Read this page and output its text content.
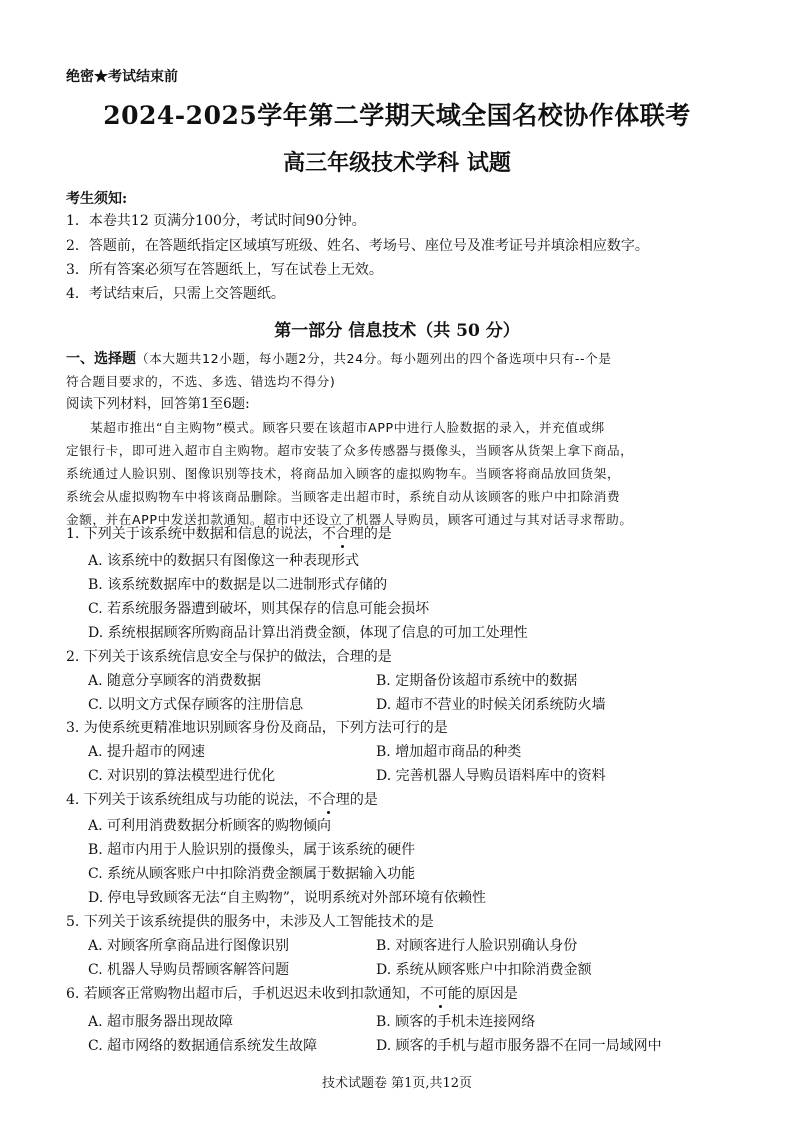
绝密★考试结束前
2024-2025学年第二学期天域全国名校协作体联考
高三年级技术学科 试题
考生须知:
1．本卷共12 页满分100分，考试时间90分钟。
2．答题前，在答题纸指定区域填写班级、姓名、考场号、座位号及准考证号并填涂相应数字。
3．所有答案必须写在答题纸上，写在试卷上无效。
4．考试结束后，只需上交答题纸。
第一部分 信息技术（共 50 分）
一、选择题（本大题共12小题，每小题2分，共24分。每小题列出的四个备选项中只有--个是
符合题目要求的，不选、多选、错选均不得分)
阅读下列材料，回答第1至6题:
某超市推出“自主购物”模式。顾客只要在该超市APP中进行人脸数据的录入，并充值或绑
定银行卡，即可进入超市自主购物。超市安装了众多传感器与摄像头，当顾客从货架上拿下商品，
系统通过人脸识别、图像识别等技术，将商品加入顾客的虚拟购物车。当顾客将商品放回货架，
系统会从虚拟购物车中将该商品删除。当顾客走出超市时，系统自动从该顾客的账户中扣除消费
金额，并在APP中发送扣款通知。超市中还设立了机器人导购员，顾客可通过与其对话寻求帮助。
1. 下列关于该系统中数据和信息的说法，不合理的是
A. 该系统中的数据只有图像这一种表现形式
B. 该系统数据库中的数据是以二进制形式存储的
C. 若系统服务器遭到破坏，则其保存的信息可能会损坏
D. 系统根据顾客所购商品计算出消费金额，体现了信息的可加工处理性
2. 下列关于该系统信息安全与保护的做法，合理的是
A. 随意分享顾客的消费数据	B. 定期备份该超市系统中的数据
C. 以明文方式保存顾客的注册信息	D. 超市不营业的时候关闭系统防火墙
3. 为使系统更精准地识别顾客身份及商品，下列方法可行的是
A. 提升超市的网速	B. 增加超市商品的种类
C. 对识别的算法模型进行优化	D. 完善机器人导购员语料库中的资料
4. 下列关于该系统组成与功能的说法，不合理的是
A. 可利用消费数据分析顾客的购物倾向
B. 超市内用于人脸识别的摄像头，属于该系统的硬件
C. 系统从顾客账户中扣除消费金额属于数据输入功能
D. 停电导致顾客无法“自主购物”，说明系统对外部环境有依赖性
5. 下列关于该系统提供的服务中，未涉及人工智能技术的是
A. 对顾客所拿商品进行图像识别	B. 对顾客进行人脸识别确认身份
C. 机器人导购员帮顾客解答问题	D. 系统从顾客账户中扣除消费金额
6. 若顾客正常购物出超市后，手机迟迟未收到扣款通知，不可能的原因是
A. 超市服务器出现故障	B. 顾客的手机未连接网络
C. 超市网络的数据通信系统发生故障	D. 顾客的手机与超市服务器不在同一局域网中
技术试题卷 第1页,共12页
